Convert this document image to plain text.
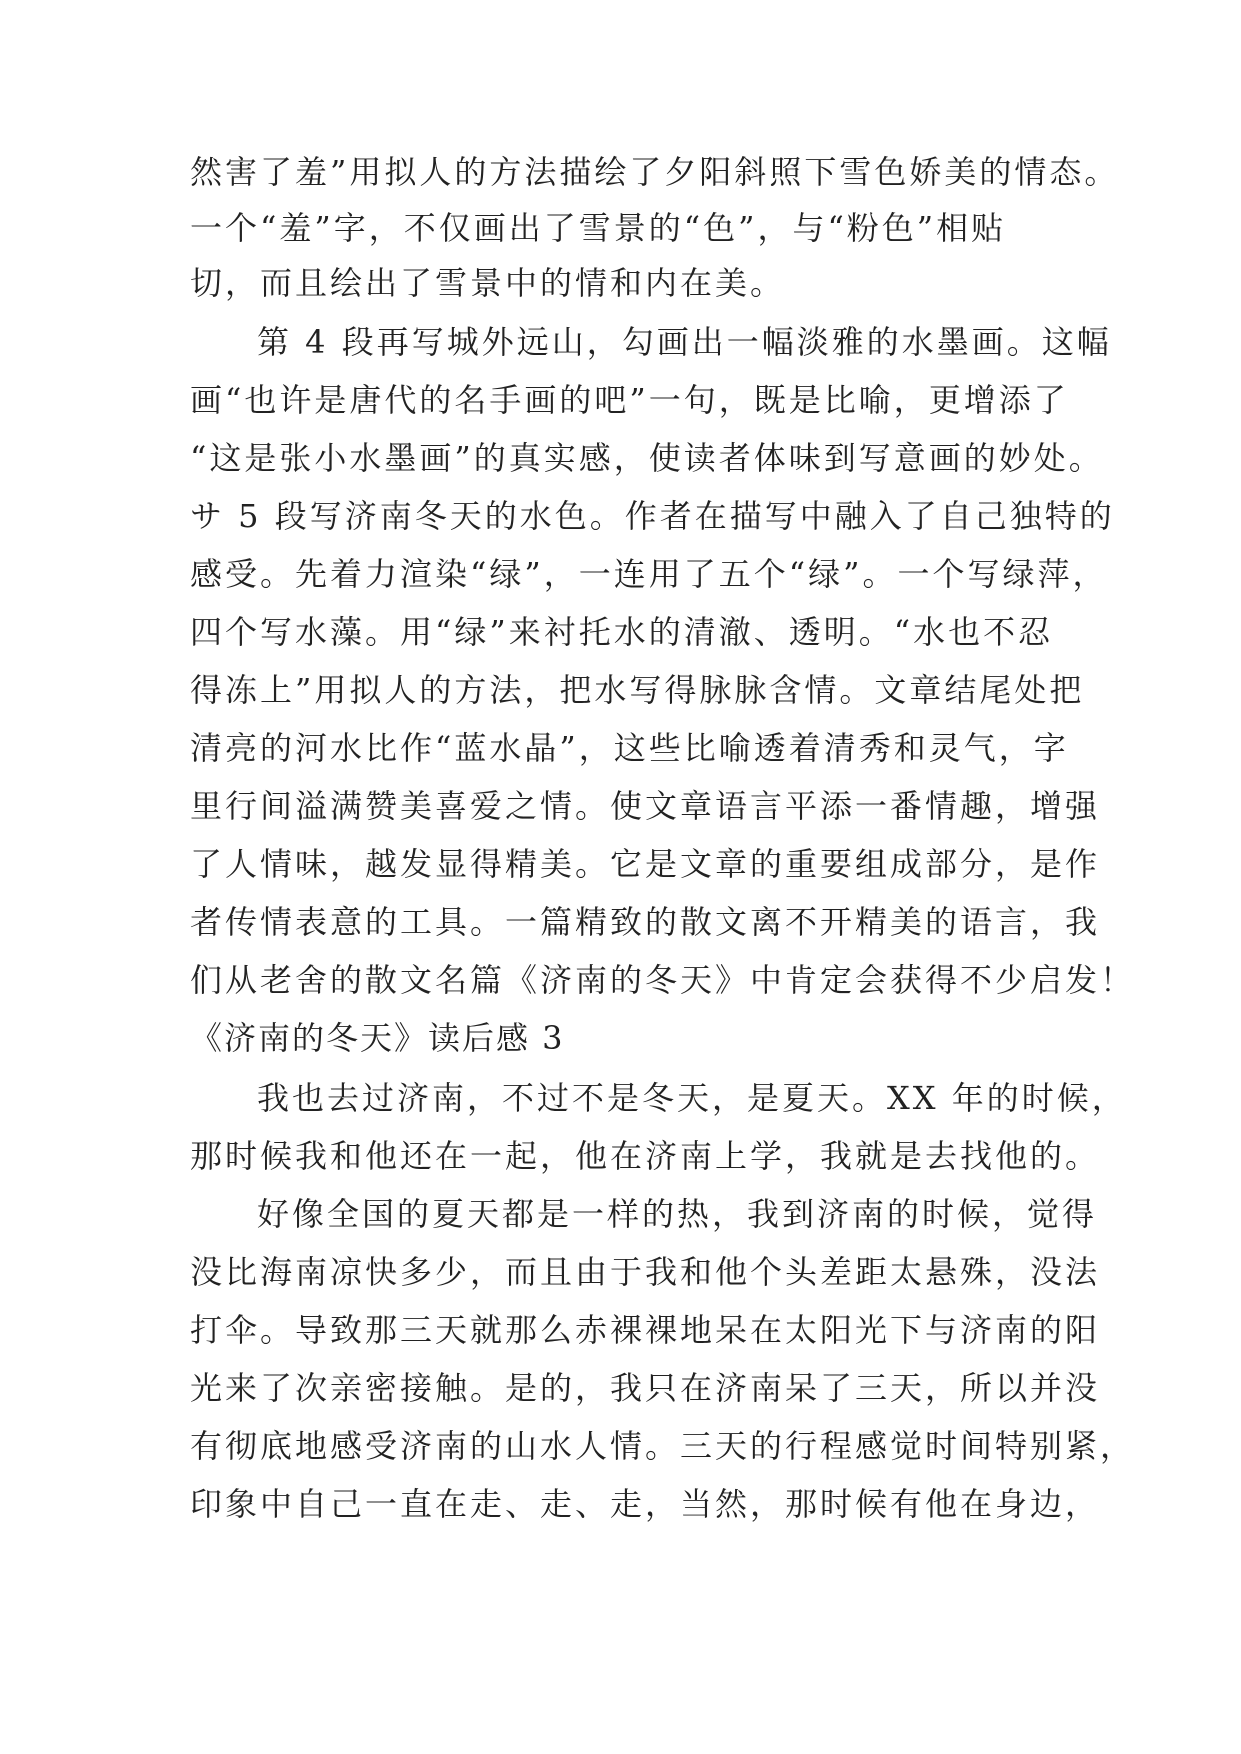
然害了羞”用拟人的方法描绘了夕阳斜照下雪色娇美的情态。
一个“羞”字，不仅画出了雪景的“色”，与“粉色”相贴
切，而且绘出了雪景中的情和内在美。
第 4 段再写城外远山，勾画出一幅淡雅的水墨画。这幅
画“也许是唐代的名手画的吧”一句，既是比喻，更增添了
“这是张小水墨画”的真实感，使读者体味到写意画的妙处。
サ 5 段写济南冬天的水色。作者在描写中融入了自己独特的
感受。先着力渲染“绿”，一连用了五个“绿”。一个写绿萍，
四个写水藻。用“绿”来衬托水的清澈、透明。“水也不忍
得冻上”用拟人的方法，把水写得脉脉含情。文章结尾处把
清亮的河水比作“蓝水晶”，这些比喻透着清秀和灵气，字
里行间溢满赞美喜爱之情。使文章语言平添一番情趣，增强
了人情味，越发显得精美。它是文章的重要组成部分，是作
者传情表意的工具。一篇精致的散文离不开精美的语言，我
们从老舍的散文名篇《济南的冬天》中肯定会获得不少启发！
《济南的冬天》读后感 3
我也去过济南，不过不是冬天，是夏天。XX 年的时候，
那时候我和他还在一起，他在济南上学，我就是去找他的。
好像全国的夏天都是一样的热，我到济南的时候，觉得
没比海南凉快多少，而且由于我和他个头差距太悬殊，没法
打伞。导致那三天就那么赤裸裸地呆在太阳光下与济南的阳
光来了次亲密接触。是的，我只在济南呆了三天，所以并没
有彻底地感受济南的山水人情。三天的行程感觉时间特别紧，
印象中自己一直在走、走、走，当然，那时候有他在身边，
